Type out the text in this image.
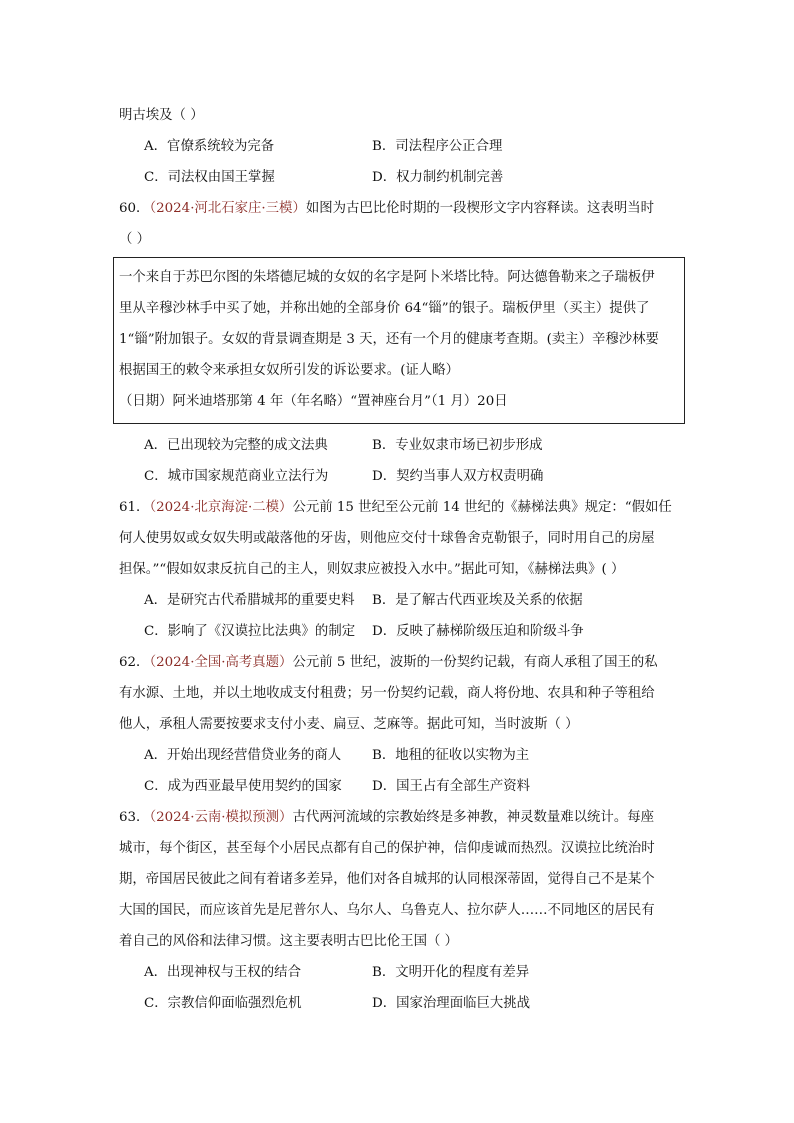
明古埃及（ ）
A．官僚系统较为完备	B．司法程序公正合理
C．司法权由国王掌握	D．权力制约机制完善
60．（2024·河北石家庄·三模）如图为古巴比伦时期的一段楔形文字内容释读。这表明当时
（ ）
一个来自于苏巴尔图的朱塔德尼城的女奴的名字是阿卜米塔比特。阿达德鲁勒来之子瑞板伊
里从辛穆沙林手中买了她，并称出她的全部身价 64“锱”的银子。瑞板伊里（买主）提供了
1“锱”附加银子。女奴的背景调查期是 3 天，还有一个月的健康考查期。(卖主）辛穆沙林要
根据国王的敕令来承担女奴所引发的诉讼要求。(证人略）
（日期）阿米迪塔那第 4 年（年名略）“置神座台月”（1 月）20日
A．已出现较为完整的成文法典	B．专业奴隶市场已初步形成
C．城市国家规范商业立法行为	D．契约当事人双方权责明确
61．（2024·北京海淀·二模）公元前 15 世纪至公元前 14 世纪的《赫梯法典》规定：“假如任
何人使男奴或女奴失明或敲落他的牙齿，则他应交付十球鲁舍克勒银子，同时用自己的房屋
担保。”“假如奴隶反抗自己的主人，则奴隶应被投入水中。”据此可知，《赫梯法典》( ）
A．是研究古代希腊城邦的重要史料	B．是了解古代西亚埃及关系的依据
C．影响了《汉谟拉比法典》的制定	D．反映了赫梯阶级压迫和阶级斗争
62．（2024·全国·高考真题）公元前 5 世纪，波斯的一份契约记载，有商人承租了国王的私
有水源、土地，并以土地收成支付租费；另一份契约记载，商人将份地、农具和种子等租给
他人，承租人需要按要求支付小麦、扁豆、芝麻等。据此可知，当时波斯（ ）
A．开始出现经营借贷业务的商人	B．地租的征收以实物为主
C．成为西亚最早使用契约的国家	D．国王占有全部生产资料
63．（2024·云南·模拟预测）古代两河流域的宗教始终是多神教，神灵数量难以统计。每座
城市，每个街区，甚至每个小居民点都有自己的保护神，信仰虔诚而热烈。汉谟拉比统治时
期，帝国居民彼此之间有着诸多差异，他们对各自城邦的认同根深蒂固，觉得自己不是某个
大国的国民，而应该首先是尼普尔人、乌尔人、乌鲁克人、拉尔萨人……不同地区的居民有
着自己的风俗和法律习惯。这主要表明古巴比伦王国（ ）
A．出现神权与王权的结合	B．文明开化的程度有差异
C．宗教信仰面临强烈危机	D．国家治理面临巨大挑战
